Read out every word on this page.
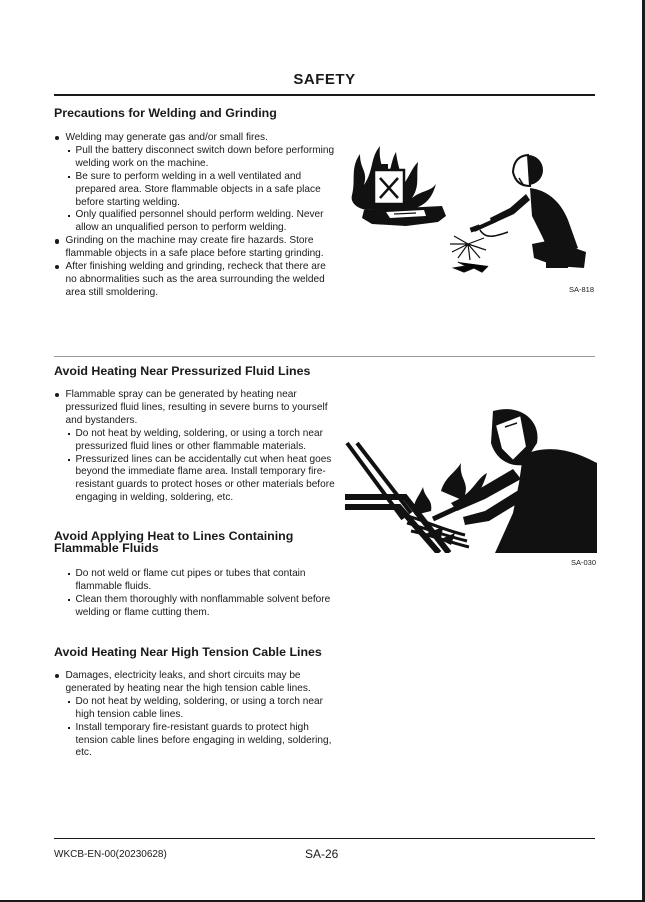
SAFETY
Precautions for Welding and Grinding
Welding may generate gas and/or small fires.
Pull the battery disconnect switch down before performing welding work on the machine.
Be sure to perform welding in a well ventilated and prepared area. Store flammable objects in a safe place before starting welding.
Only qualified personnel should perform welding. Never allow an unqualified person to perform welding.
Grinding on the machine may create fire hazards. Store flammable objects in a safe place before starting grinding.
After finishing welding and grinding, recheck that there are no abnormalities such as the area surrounding the welded area still smoldering.	SA-818
Avoid Heating Near Pressurized Fluid Lines
Flammable spray can be generated by heating near pressurized fluid lines, resulting in severe burns to yourself and bystanders.
Do not heat by welding, soldering, or using a torch near pressurized fluid lines or other flammable materials.
Pressurized lines can be accidentally cut when heat goes beyond the immediate flame area. Install temporary fire-resistant guards to protect hoses or other materials before engaging in welding, soldering, etc.
SA-030
Avoid Applying Heat to Lines Containing Flammable Fluids
Do not weld or flame cut pipes or tubes that contain flammable fluids.
Clean them thoroughly with nonflammable solvent before welding or flame cutting them.
Avoid Heating Near High Tension Cable Lines
Damages, electricity leaks, and short circuits may be generated by heating near the high tension cable lines.
Do not heat by welding, soldering, or using a torch near high tension cable lines.
Install temporary fire-resistant guards to protect high tension cable lines before engaging in welding, soldering, etc.
WKCB-EN-00(20230628)	SA-26
